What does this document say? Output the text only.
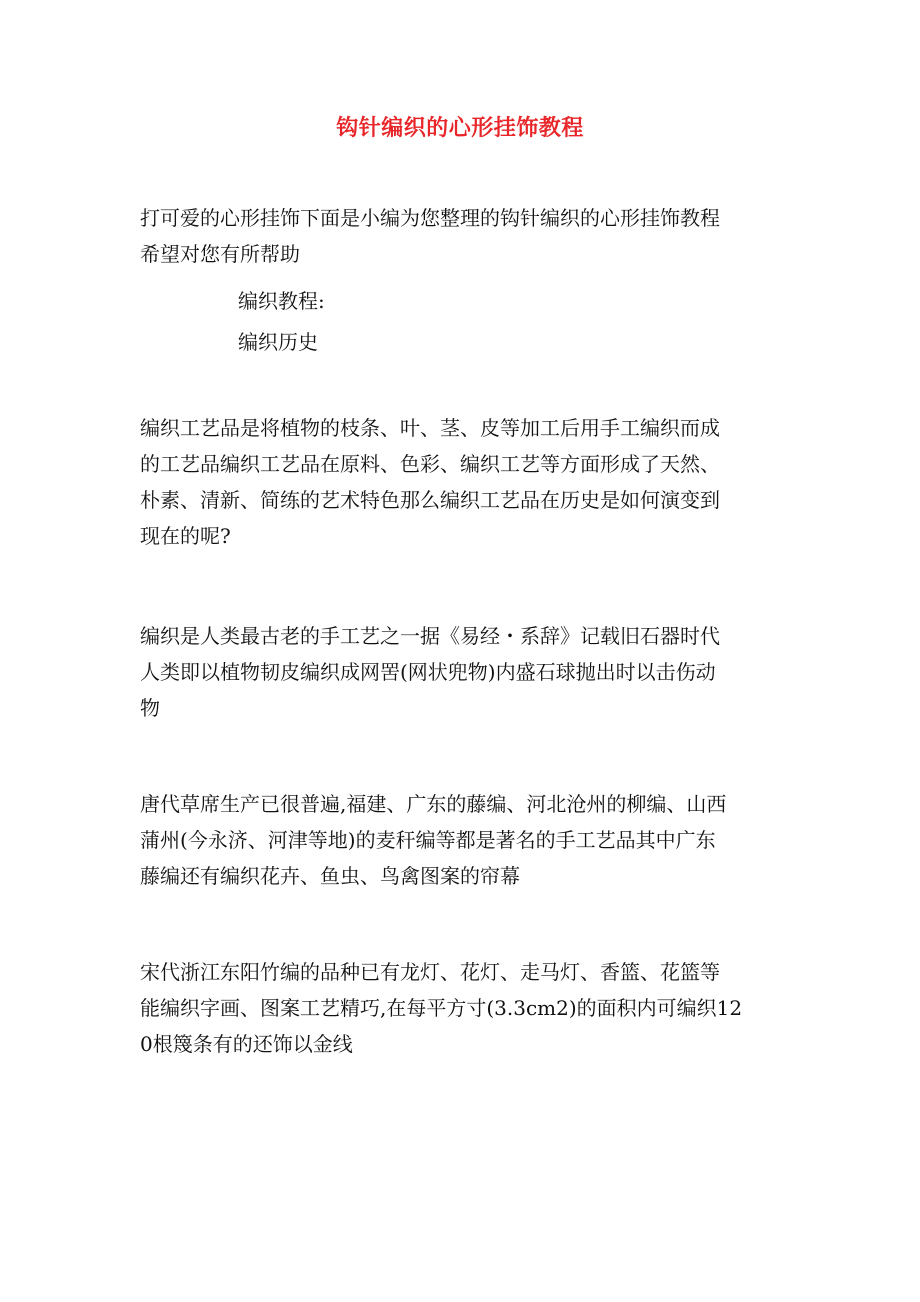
钩针编织的心形挂饰教程

打可爱的心形挂饰下面是小编为您整理的钩针编织的心形挂饰教程
希望对您有所帮助

编织教程:

编织历史

编织工艺品是将植物的枝条、叶、茎、皮等加工后用手工编织而成
的工艺品编织工艺品在原料、色彩、编织工艺等方面形成了天然、
朴素、清新、简练的艺术特色那么编织工艺品在历史是如何演变到
现在的呢?

编织是人类最古老的手工艺之一据《易经・系辞》记载旧石器时代
人类即以植物韧皮编织成网罟(网状兜物)内盛石球抛出时以击伤动
物

唐代草席生产已很普遍,福建、广东的藤编、河北沧州的柳编、山西
蒲州(今永济、河津等地)的麦秆编等都是著名的手工艺品其中广东
藤编还有编织花卉、鱼虫、鸟禽图案的帘幕

宋代浙江东阳竹编的品种已有龙灯、花灯、走马灯、香篮、花篮等
能编织字画、图案工艺精巧,在每平方寸(3.3cm2)的面积内可编织12
0根篾条有的还饰以金线
